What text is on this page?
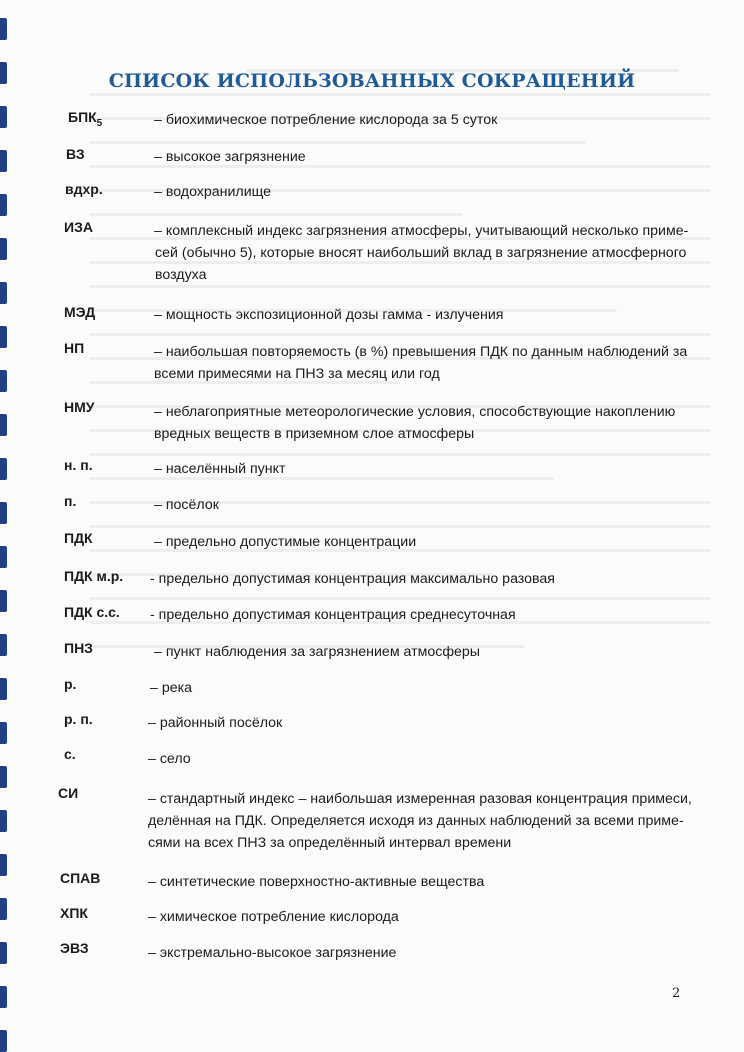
СПИСОК ИСПОЛЬЗОВАННЫХ СОКРАЩЕНИЙ
$БПК_5$	– биохимическое потребление кислорода за 5 суток
ВЗ	– высокое загрязнение
вдхр.	– водохранилище
ИЗА	– комплексный индекс загрязнения атмосферы, учитывающий несколько приме-
сей (обычно 5), которые вносят наибольший вклад в загрязнение атмосферного
воздуха
МЭД	– мощность экспозиционной дозы гамма - излучения
НП	– наибольшая повторяемость (в %) превышения ПДК по данным наблюдений за
всеми примесями на ПНЗ за месяц или год
НМУ	– неблагоприятные метеорологические условия, способствующие накоплению
вредных веществ в приземном слое атмосферы
н. п.	– населённый пункт
п.	– посёлок
ПДК	– предельно допустимые концентрации
ПДК м.р. - предельно допустимая концентрация максимально разовая
ПДК с.с. - предельно допустимая концентрация среднесуточная
ПНЗ	– пункт наблюдения за загрязнением атмосферы
р.	– река
р. п.	– районный посёлок
с.	– село
СИ	– стандартный индекс – наибольшая измеренная разовая концентрация примеси,
делённая на ПДК. Определяется исходя из данных наблюдений за всеми приме-
сями на всех ПНЗ за определённый интервал времени
СПАВ	– синтетические поверхностно-активные вещества
ХПК	– химическое потребление кислорода
ЭВЗ	– экстремально-высокое загрязнение
2
